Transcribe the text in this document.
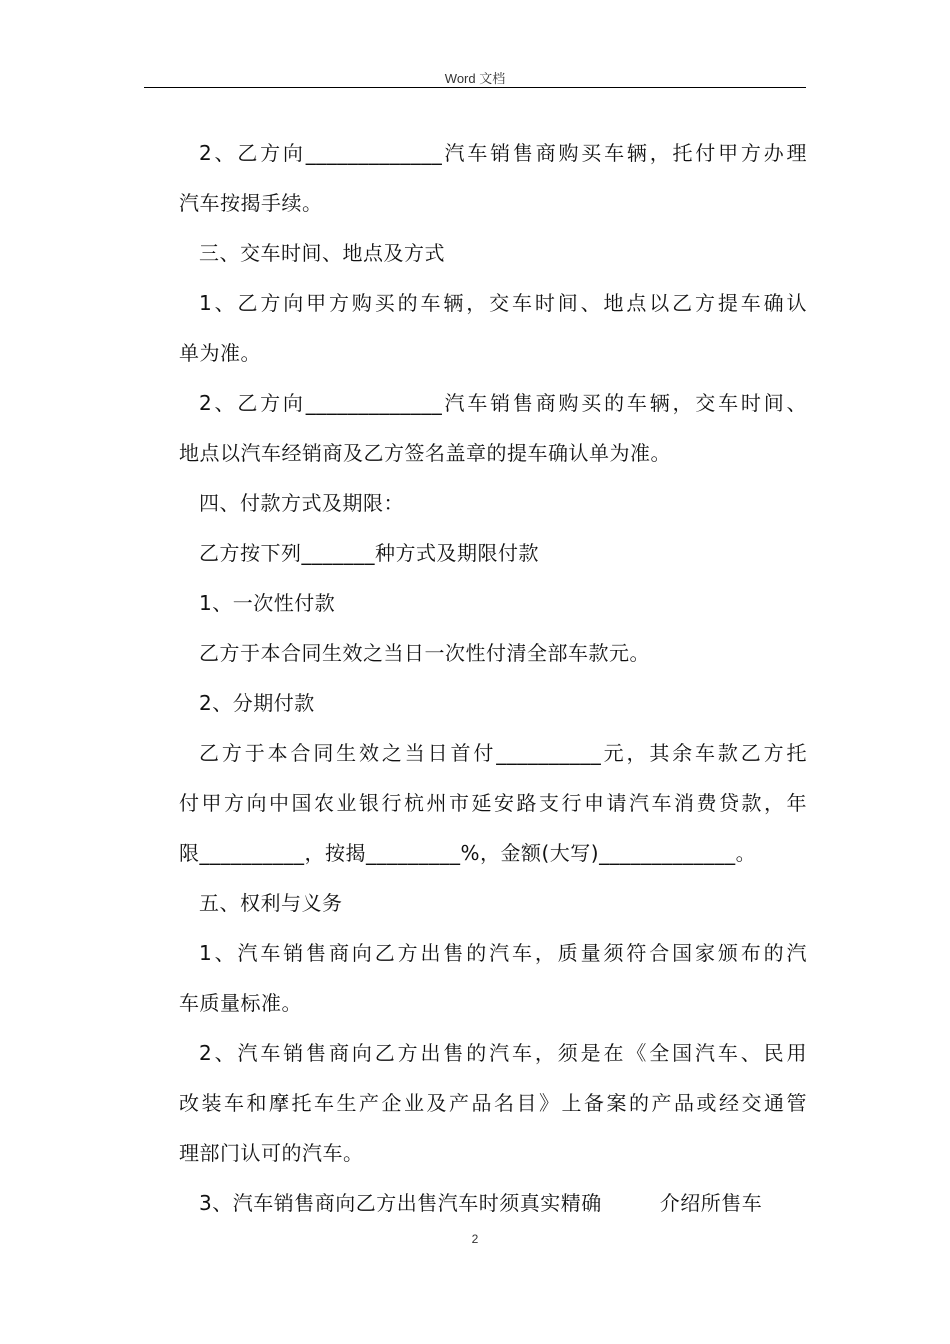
Word 文档
2、乙方向_____________汽车销售商购买车辆，托付甲方办理
汽车按揭手续。
三、交车时间、地点及方式
1、乙方向甲方购买的车辆，交车时间、地点以乙方提车确认
单为准。
2、乙方向_____________汽车销售商购买的车辆，交车时间、
地点以汽车经销商及乙方签名盖章的提车确认单为准。
四、付款方式及期限：
乙方按下列_______种方式及期限付款
1、一次性付款
乙方于本合同生效之当日一次性付清全部车款元。
2、分期付款
乙方于本合同生效之当日首付__________元，其余车款乙方托
付甲方向中国农业银行杭州市延安路支行申请汽车消费贷款，年
限__________，按揭_________%，金额(大写)_____________。
五、权利与义务
1、汽车销售商向乙方出售的汽车，质量须符合国家颁布的汽
车质量标准。
2、汽车销售商向乙方出售的汽车，须是在《全国汽车、民用
改装车和摩托车生产企业及产品名目》上备案的产品或经交通管
理部门认可的汽车。
3、汽车销售商向乙方出售汽车时须真实精确	介绍所售车
2
